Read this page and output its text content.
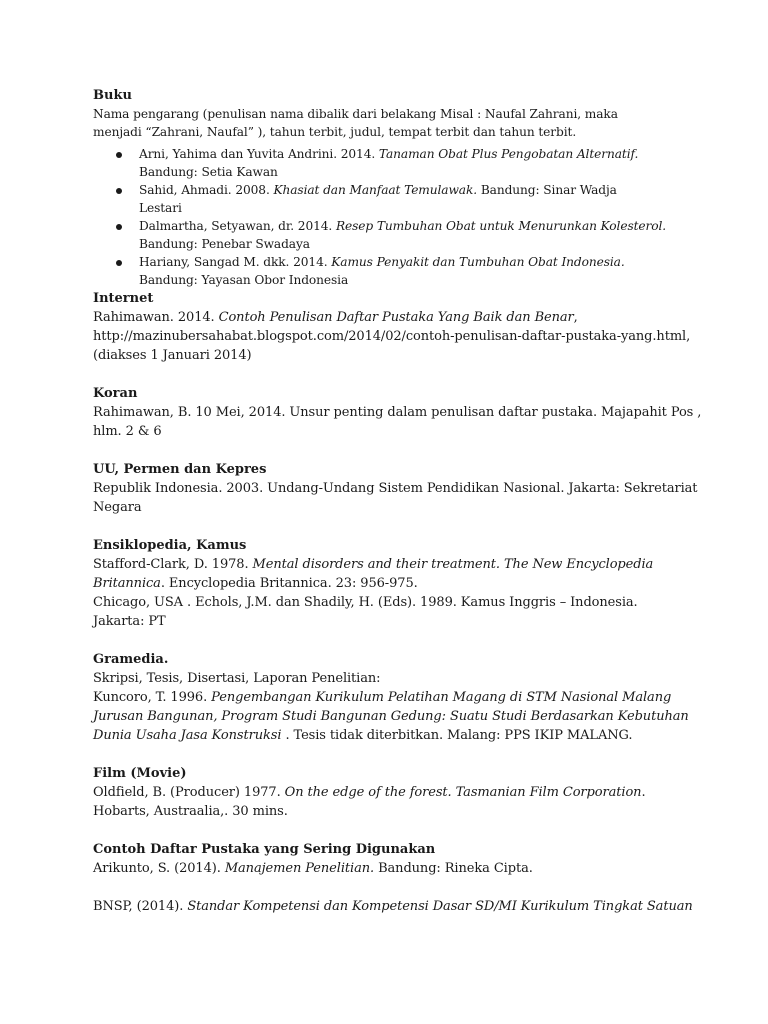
Buku

Nama pengarang (penulisan nama dibalik dari belakang Misal : Naufal Zahrani, maka

menjadi “Zahrani, Naufal” ), tahun terbit, judul, tempat terbit dan tahun terbit.

Arni, Yahima dan Yuvita Andrini. 2014. Tanaman Obat Plus Pengobatan Alternatif.
Bandung: Setia Kawan
Sahid, Ahmadi. 2008. Khasiat dan Manfaat Temulawak. Bandung: Sinar Wadja
Lestari
Dalmartha, Setyawan, dr. 2014. Resep Tumbuhan Obat untuk Menurunkan Kolesterol.
Bandung: Penebar Swadaya
Hariany, Sangad M. dkk. 2014. Kamus Penyakit dan Tumbuhan Obat Indonesia.
Bandung: Yayasan Obor Indonesia

Internet

Rahimawan. 2014. Contoh Penulisan Daftar Pustaka Yang Baik dan Benar,

http://mazinubersahabat.blogspot.com/2014/02/contoh-penulisan-daftar-pustaka-yang.html,

(diakses 1 Januari 2014)

Koran

Rahimawan, B. 10 Mei, 2014. Unsur penting dalam penulisan daftar pustaka. Majapahit Pos ,

hlm. 2 & 6

UU, Permen dan Kepres

Republik Indonesia. 2003. Undang-Undang Sistem Pendidikan Nasional. Jakarta: Sekretariat

Negara

Ensiklopedia, Kamus

Stafford-Clark, D. 1978. Mental disorders and their treatment. The New Encyclopedia

Britannica. Encyclopedia Britannica. 23: 956-975.

Chicago, USA . Echols, J.M. dan Shadily, H. (Eds). 1989. Kamus Inggris – Indonesia.

Jakarta: PT

Gramedia.

Skripsi, Tesis, Disertasi, Laporan Penelitian:

Kuncoro, T. 1996. Pengembangan Kurikulum Pelatihan Magang di STM Nasional Malang

Jurusan Bangunan, Program Studi Bangunan Gedung: Suatu Studi Berdasarkan Kebutuhan

Dunia Usaha Jasa Konstruksi . Tesis tidak diterbitkan. Malang: PPS IKIP MALANG.

Film (Movie)

Oldfield, B. (Producer) 1977. On the edge of the forest. Tasmanian Film Corporation.

Hobarts, Austraalia,. 30 mins.

Contoh Daftar Pustaka yang Sering Digunakan

Arikunto, S. (2014). Manajemen Penelitian. Bandung: Rineka Cipta.

BNSP, (2014). Standar Kompetensi dan Kompetensi Dasar SD/MI Kurikulum Tingkat Satuan
